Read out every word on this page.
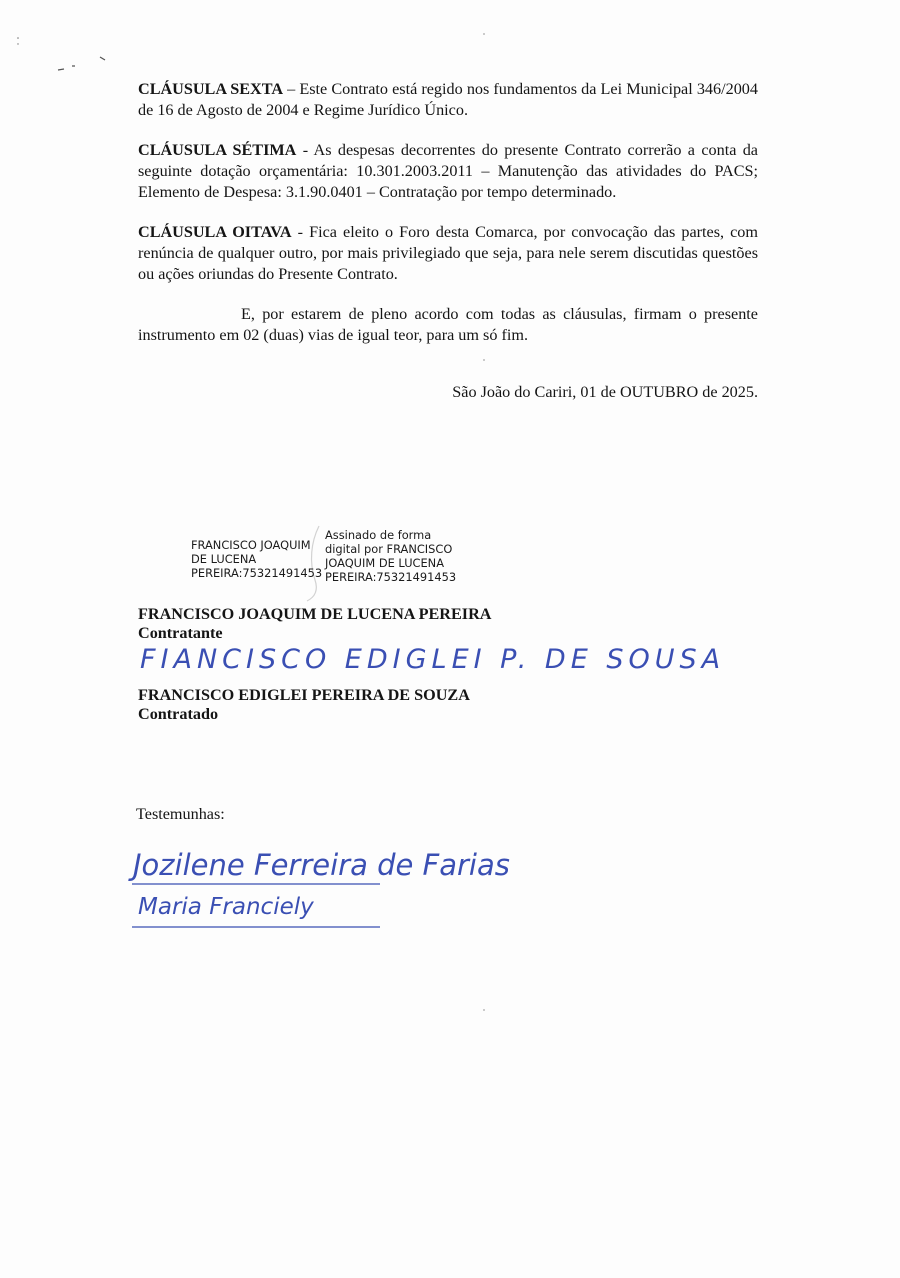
CLÁUSULA SEXTA – Este Contrato está regido nos fundamentos da Lei Municipal 346/2004 de 16 de Agosto de 2004 e Regime Jurídico Único.

CLÁUSULA SÉTIMA - As despesas decorrentes do presente Contrato correrão a conta da seguinte dotação orçamentária: 10.301.2003.2011 – Manutenção das atividades do PACS; Elemento de Despesa: 3.1.90.0401 – Contratação por tempo determinado.

CLÁUSULA OITAVA - Fica eleito o Foro desta Comarca, por convocação das partes, com renúncia de qualquer outro, por mais privilegiado que seja, para nele serem discutidas questões ou ações oriundas do Presente Contrato.

E, por estarem de pleno acordo com todas as cláusulas, firmam o presente instrumento em 02 (duas) vias de igual teor, para um só fim.

São João do Cariri, 01 de OUTUBRO de 2025.

FRANCISCO JOAQUIM
DE LUCENA
PEREIRA:75321491453
Assinado de forma
digital por FRANCISCO
JOAQUIM DE LUCENA
PEREIRA:75321491453
FRANCISCO JOAQUIM DE LUCENA PEREIRA
Contratante
FIANCISCO EDIGLEI P. DE SOUSA
FRANCISCO EDIGLEI PEREIRA DE SOUZA
Contratado
Testemunhas:
Jozilene Ferreira de Farias
Maria Franciely
